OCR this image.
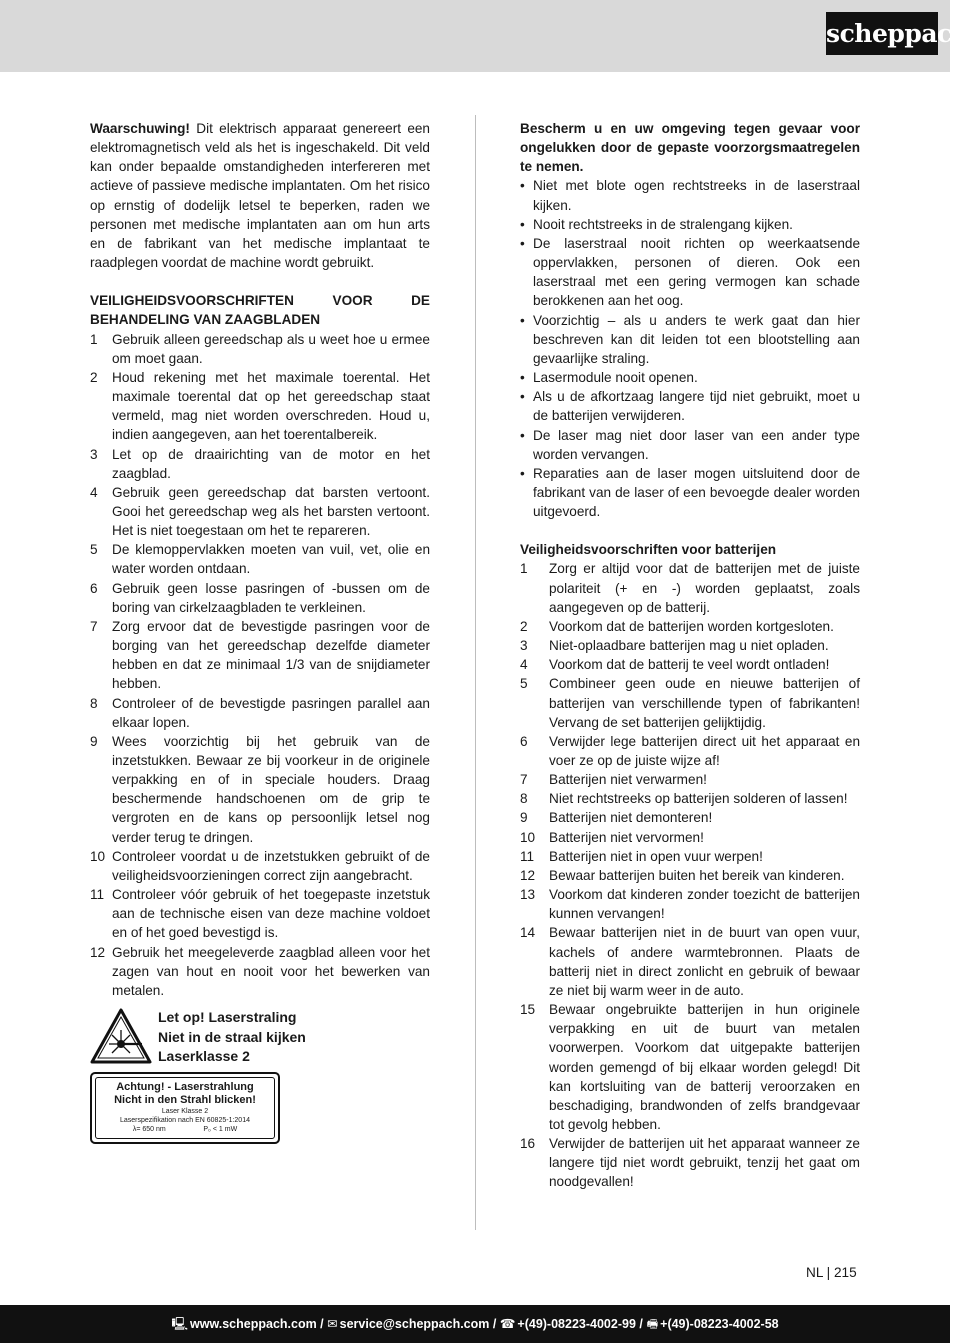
scheppach

Waarschuwing! Dit elektrisch apparaat genereert een elektromagnetisch veld als het is ingeschakeld. Dit veld kan onder bepaalde omstandigheden interfereren met actieve of passieve medische implantaten. Om het risico op ernstig of dodelijk letsel te beperken, raden we personen met medische implantaten aan om hun arts en de fabrikant van het medische implantaat te raadplegen voordat de machine wordt gebruikt.

VEILIGHEIDSVOORSCHRIFTEN VOOR DE
BEHANDELING VAN ZAAGBLADEN
1 Gebruik alleen gereedschap als u weet hoe u ermee om moet gaan.
2 Houd rekening met het maximale toerental. Het maximale toerental dat op het gereedschap staat vermeld, mag niet worden overschreden. Houd u, indien aangegeven, aan het toerentalbereik.
3 Let op de draairichting van de motor en het zaagblad.
4 Gebruik geen gereedschap dat barsten vertoont. Gooi het gereedschap weg als het barsten vertoont. Het is niet toegestaan om het te repareren.
5 De klemoppervlakken moeten van vuil, vet, olie en water worden ontdaan.
6 Gebruik geen losse pasringen of -bussen om de boring van cirkelzaagbladen te verkleinen.
7 Zorg ervoor dat de bevestigde pasringen voor de borging van het gereedschap dezelfde diameter hebben en dat ze minimaal 1/3 van de snijdiameter hebben.
8 Controleer of de bevestigde pasringen parallel aan elkaar lopen.
9 Wees voorzichtig bij het gebruik van de inzetstukken. Bewaar ze bij voorkeur in de originele verpakking en of in speciale houders. Draag beschermende handschoenen om de grip te vergroten en de kans op persoonlijk letsel nog verder terug te dringen.
10 Controleer voordat u de inzetstukken gebruikt of de veiligheidsvoorzieningen correct zijn aangebracht.
11 Controleer vóór gebruik of het toegepaste inzetstuk aan de technische eisen van deze machine voldoet en of het goed bevestigd is.
12 Gebruik het meegeleverde zaagblad alleen voor het zagen van hout en nooit voor het bewerken van metalen.
Let op! Laserstraling
Niet in de straal kijken
Laserklasse 2
Achtung! - Laserstrahlung
Nicht in den Strahl blicken!
Laser Klasse 2
Laserspezifikation nach EN 60825-1:2014
λ= 650 nm	P₀ < 1 mW

Bescherm u en uw omgeving tegen gevaar voor ongelukken door de gepaste voorzorgsmaatregelen te nemen.

• Niet met blote ogen rechtstreeks in de laserstraal kijken.
• Nooit rechtstreeks in de stralengang kijken.
• De laserstraal nooit richten op weerkaatsende oppervlakken, personen of dieren. Ook een laserstraal met een gering vermogen kan schade berokkenen aan het oog.
• Voorzichtig – als u anders te werk gaat dan hier beschreven kan dit leiden tot een blootstelling aan gevaarlijke straling.
• Lasermodule nooit openen.
• Als u de afkortzaag langere tijd niet gebruikt, moet u de batterijen verwijderen.
• De laser mag niet door laser van een ander type worden vervangen.
• Reparaties aan de laser mogen uitsluitend door de fabrikant van de laser of een bevoegde dealer worden uitgevoerd.
Veiligheidsvoorschriften voor batterijen
1 Zorg er altijd voor dat de batterijen met de juiste polariteit (+ en -) worden geplaatst, zoals aangegeven op de batterij.
2 Voorkom dat de batterijen worden kortgesloten.
3 Niet-oplaadbare batterijen mag u niet opladen.
4 Voorkom dat de batterij te veel wordt ontladen!
5 Combineer geen oude en nieuwe batterijen of batterijen van verschillende typen of fabrikanten! Vervang de set batterijen gelijktijdig.
6 Verwijder lege batterijen direct uit het apparaat en voer ze op de juiste wijze af!
7 Batterijen niet verwarmen!
8 Niet rechtstreeks op batterijen solderen of lassen!
9 Batterijen niet demonteren!
10 Batterijen niet vervormen!
11 Batterijen niet in open vuur werpen!
12 Bewaar batterijen buiten het bereik van kinderen.
13 Voorkom dat kinderen zonder toezicht de batterijen kunnen vervangen!
14 Bewaar batterijen niet in de buurt van open vuur, kachels of andere warmtebronnen. Plaats de batterij niet in direct zonlicht en gebruik of bewaar ze niet bij warm weer in de auto.
15 Bewaar ongebruikte batterijen in hun originele verpakking en uit de buurt van metalen voorwerpen. Voorkom dat uitgepakte batterijen worden gemengd of bij elkaar worden gelegd! Dit kan kortsluiting van de batterij veroorzaken en beschadiging, brandwonden of zelfs brandgevaar tot gevolg hebben.
16 Verwijder de batterijen uit het apparaat wanneer ze langere tijd niet wordt gebruikt, tenzij het gaat om noodgevallen!
NL | 215
🖳 www.scheppach.com / ✉ service@scheppach.com / ☎ +(49)-08223-4002-99 / 🖷 +(49)-08223-4002-58
